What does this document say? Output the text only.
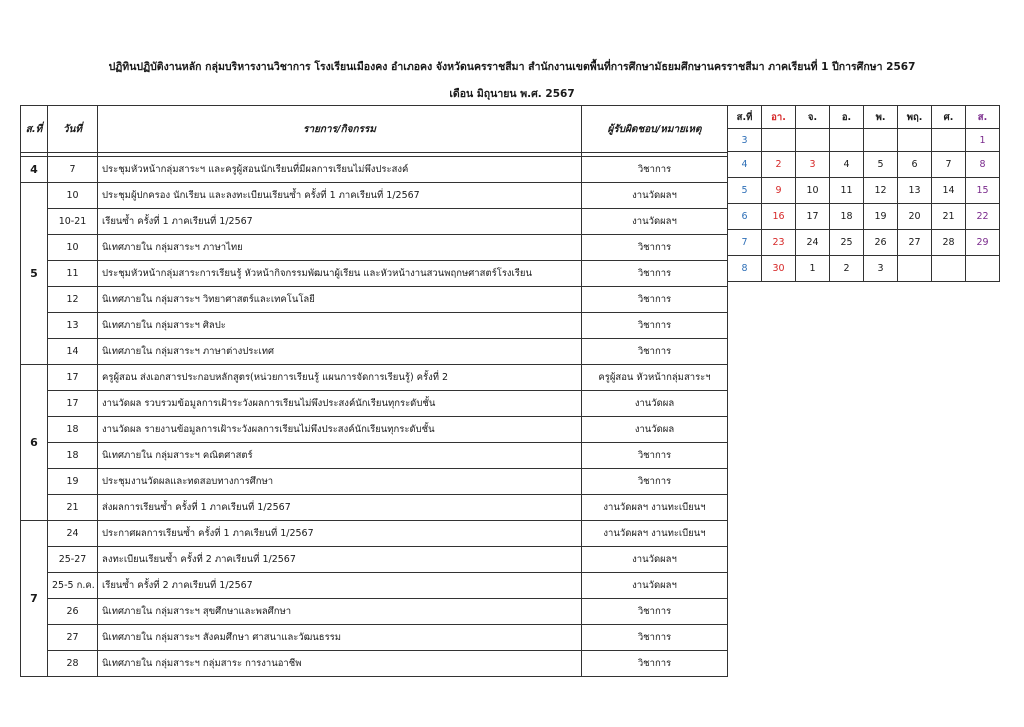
ปฏิทินปฏิบัติงานหลัก กลุ่มบริหารงานวิชาการ โรงเรียนเมืองคง อำเภอคง จังหวัดนครราชสีมา สำนักงานเขตพื้นที่การศึกษามัธยมศึกษานครราชสีมา ภาคเรียนที่ 1 ปีการศึกษา 2567
เดือน มิถุนายน พ.ศ. 2567
ส.ที่	วันที่	รายการ/กิจกรรม	ผู้รับผิดชอบ/หมายเหตุ

4	7	ประชุมหัวหน้ากลุ่มสาระฯ และครูผู้สอนนักเรียนที่มีผลการเรียนไม่พึงประสงค์	วิชาการ
5	10	ประชุมผู้ปกครอง นักเรียน และลงทะเบียนเรียนซ้ำ ครั้งที่ 1 ภาคเรียนที่ 1/2567	งานวัดผลฯ
	10-21	เรียนซ้ำ ครั้งที่ 1 ภาคเรียนที่ 1/2567	งานวัดผลฯ
	10	นิเทศภายใน กลุ่มสาระฯ ภาษาไทย	วิชาการ
	11	ประชุมหัวหน้ากลุ่มสาระการเรียนรู้ หัวหน้ากิจกรรมพัฒนาผู้เรียน และหัวหน้างานสวนพฤกษศาสตร์โรงเรียน	วิชาการ
	12	นิเทศภายใน กลุ่มสาระฯ วิทยาศาสตร์และเทคโนโลยี	วิชาการ
	13	นิเทศภายใน กลุ่มสาระฯ ศิลปะ	วิชาการ
	14	นิเทศภายใน กลุ่มสาระฯ ภาษาต่างประเทศ	วิชาการ
6	17	ครูผู้สอน ส่งเอกสารประกอบหลักสูตร(หน่วยการเรียนรู้ แผนการจัดการเรียนรู้) ครั้งที่ 2	ครูผู้สอน หัวหน้ากลุ่มสาระฯ
	17	งานวัดผล รวบรวมข้อมูลการเฝ้าระวังผลการเรียนไม่พึงประสงค์นักเรียนทุกระดับชั้น	งานวัดผล
	18	งานวัดผล รายงานข้อมูลการเฝ้าระวังผลการเรียนไม่พึงประสงค์นักเรียนทุกระดับชั้น	งานวัดผล
	18	นิเทศภายใน กลุ่มสาระฯ คณิตศาสตร์	วิชาการ
	19	ประชุมงานวัดผลและทดสอบทางการศึกษา	วิชาการ
	21	ส่งผลการเรียนซ้ำ ครั้งที่ 1 ภาคเรียนที่ 1/2567	งานวัดผลฯ งานทะเบียนฯ
7	24	ประกาศผลการเรียนซ้ำ ครั้งที่ 1 ภาคเรียนที่ 1/2567	งานวัดผลฯ งานทะเบียนฯ
	25-27	ลงทะเบียนเรียนซ้ำ ครั้งที่ 2 ภาคเรียนที่ 1/2567	งานวัดผลฯ
	25-5 ก.ค.	เรียนซ้ำ ครั้งที่ 2 ภาคเรียนที่ 1/2567	งานวัดผลฯ
	26	นิเทศภายใน กลุ่มสาระฯ สุขศึกษาและพลศึกษา	วิชาการ
	27	นิเทศภายใน กลุ่มสาระฯ สังคมศึกษา ศาสนาและวัฒนธรรม	วิชาการ
	28	นิเทศภายใน กลุ่มสาระฯ กลุ่มสาระ การงานอาชีพ	วิชาการ
ส.ที่	อา.	จ.	อ.	พ.	พฤ.	ศ.	ส.
3							1
4	2	3	4	5	6	7	8
5	9	10	11	12	13	14	15
6	16	17	18	19	20	21	22
7	23	24	25	26	27	28	29
8	30	1	2	3			
